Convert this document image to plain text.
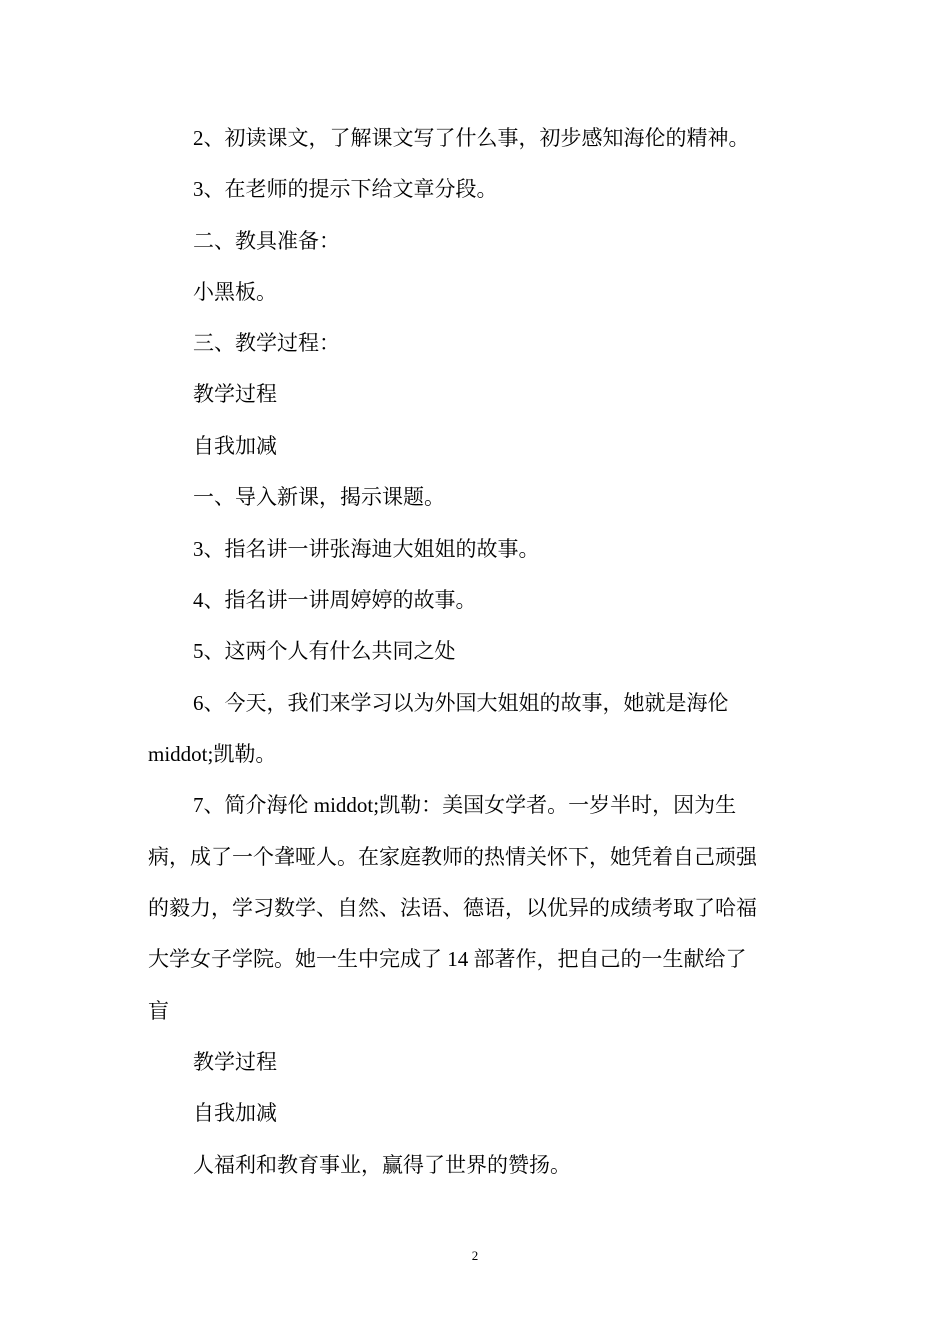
2、初读课文，了解课文写了什么事，初步感知海伦的精神。
3、在老师的提示下给文章分段。
二、教具准备：
小黑板。
三、教学过程：
教学过程
自我加减
一、导入新课，揭示课题。
3、指名讲一讲张海迪大姐姐的故事。
4、指名讲一讲周婷婷的故事。
5、这两个人有什么共同之处
6、今天，我们来学习以为外国大姐姐的故事，她就是海伦
middot;凯勒。
7、简介海伦 middot;凯勒：美国女学者。一岁半时，因为生
病，成了一个聋哑人。在家庭教师的热情关怀下，她凭着自己顽强
的毅力，学习数学、自然、法语、德语，以优异的成绩考取了哈福
大学女子学院。她一生中完成了 14 部著作，把自己的一生献给了
盲
教学过程
自我加减
人福利和教育事业，赢得了世界的赞扬。
2
